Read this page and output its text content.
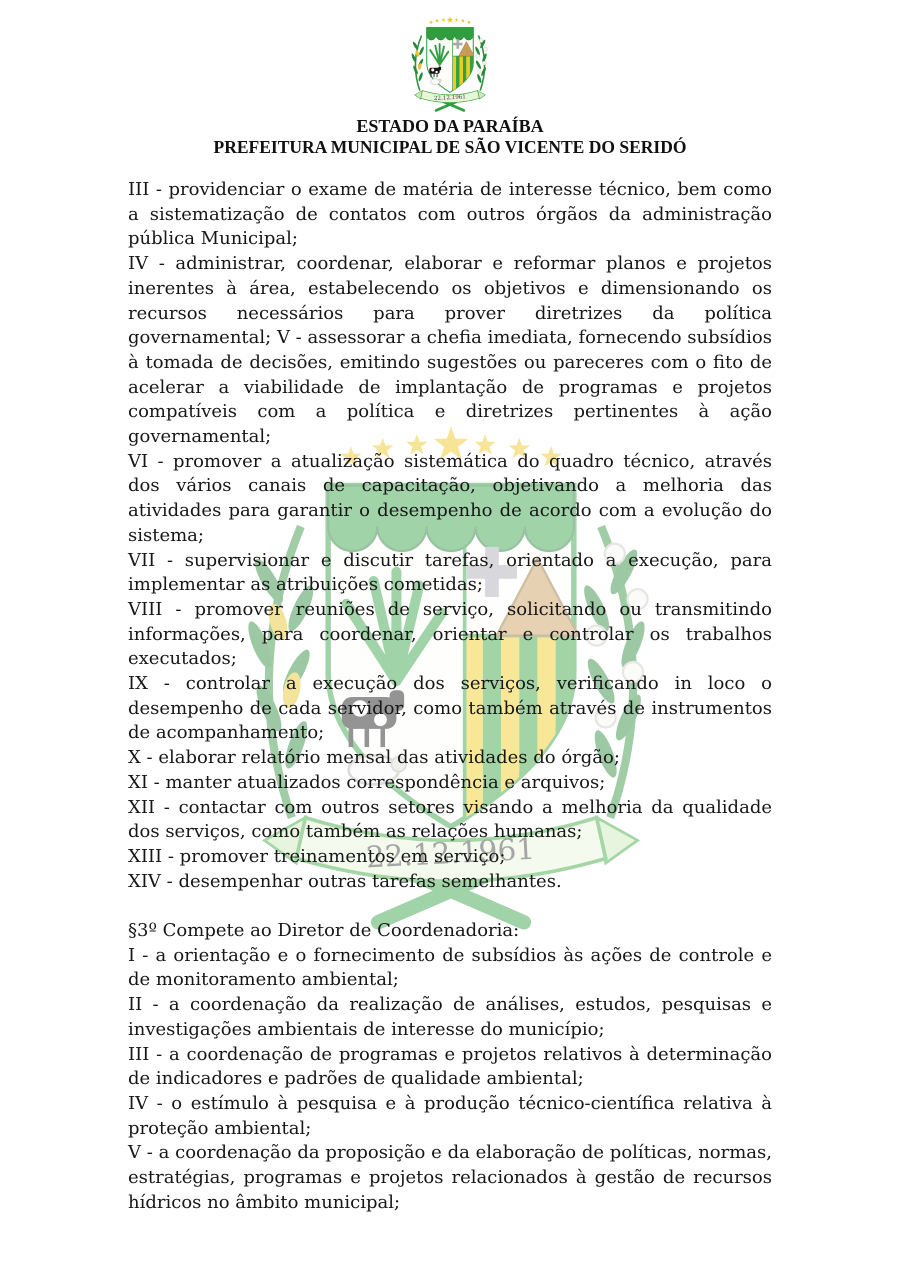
ESTADO DA PARAÍBA
PREFEITURA MUNICIPAL DE SÃO VICENTE DO SERIDÓ

III - providenciar o exame de matéria de interesse técnico, bem como a sistematização de contatos com outros órgãos da administração pública Municipal;

IV - administrar, coordenar, elaborar e reformar planos e projetos inerentes à área, estabelecendo os objetivos e dimensionando os recursos necessários para prover diretrizes da política governamental; V - assessorar a chefia imediata, fornecendo subsídios à tomada de decisões, emitindo sugestões ou pareceres com o fito de acelerar a viabilidade de implantação de programas e projetos compatíveis com a política e diretrizes pertinentes à ação governamental;

VI - promover a atualização sistemática do quadro técnico, através dos vários canais de capacitação, objetivando a melhoria das atividades para garantir o desempenho de acordo com a evolução do sistema;

VII - supervisionar e discutir tarefas, orientado a execução, para implementar as atribuições cometidas;

VIII - promover reuniões de serviço, solicitando ou transmitindo informações, para coordenar, orientar e controlar os trabalhos executados;

IX - controlar a execução dos serviços, verificando in loco o desempenho de cada servidor, como também através de instrumentos de acompanhamento;

X - elaborar relatório mensal das atividades do órgão;

XI - manter atualizados correspondência e arquivos;

XII - contactar com outros setores visando a melhoria da qualidade dos serviços, como também as relações humanas;

XIII - promover treinamentos em serviço;

XIV - desempenhar outras tarefas semelhantes.

§3º Compete ao Diretor de Coordenadoria:

I - a orientação e o fornecimento de subsídios às ações de controle e de monitoramento ambiental;

II - a coordenação da realização de análises, estudos, pesquisas e investigações ambientais de interesse do município;

III - a coordenação de programas e projetos relativos à determinação de indicadores e padrões de qualidade ambiental;

IV - o estímulo à pesquisa e à produção técnico-científica relativa à proteção ambiental;

V - a coordenação da proposição e da elaboração de políticas, normas, estratégias, programas e projetos relacionados à gestão de recursos hídricos no âmbito municipal;
